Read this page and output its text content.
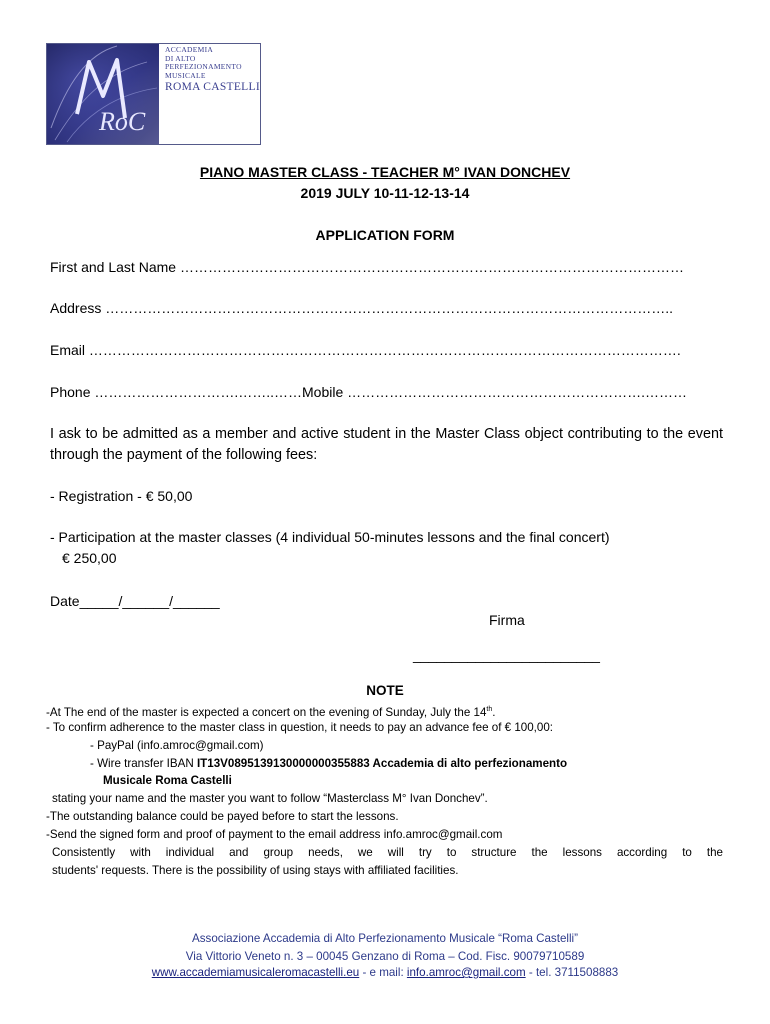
RoC
ACCADEMIA
DI ALTO
PERFEZIONAMENTO
MUSICALE
ROMA CASTELLI
PIANO MASTER CLASS - TEACHER M° IVAN DONCHEV
2019 JULY 10-11-12-13-14
APPLICATION FORM
First and Last Name ………………………………………………………………………………………………
Address …………………………………………………………………………………………………………..
Email ……………………………………………………………………………………………………………….
Phone ………………………….……..…….
Mobile ……………………………………………………….………
I ask to be admitted as a member and active student in the Master Class object contributing to the event through the payment of the following fees:
- Registration - € 50,00
- Participation at the master classes (4 individual 50-minutes lessons and the final concert)
€ 250,00
Date_____/______/______
Firma
________________________
NOTE
-At The end of the master is expected a concert on the evening of Sunday, July the 14th.
- To confirm adherence to the master class in question, it needs to pay an advance fee of € 100,00:
- PayPal (info.amroc@gmail.com)
- Wire transfer IBAN IT13V0895139130000000355883 Accademia di alto perfezionamento
Musicale Roma Castelli
stating your name and the master you want to follow “Masterclass M° Ivan Donchev”.
-The outstanding balance could be payed before to start the lessons.
-Send the signed form and proof of payment to the email address info.amroc@gmail.com
Consistently with individual and group needs, we will try to structure the lessons according to the
students' requests. There is the possibility of using stays with affiliated facilities.
Associazione Accademia di Alto Perfezionamento Musicale “Roma Castelli”
Via Vittorio Veneto n. 3 – 00045 Genzano di Roma – Cod. Fisc. 90079710589
www.accademiamusicaleromacastelli.eu - e mail: info.amroc@gmail.com - tel. 3711508883
